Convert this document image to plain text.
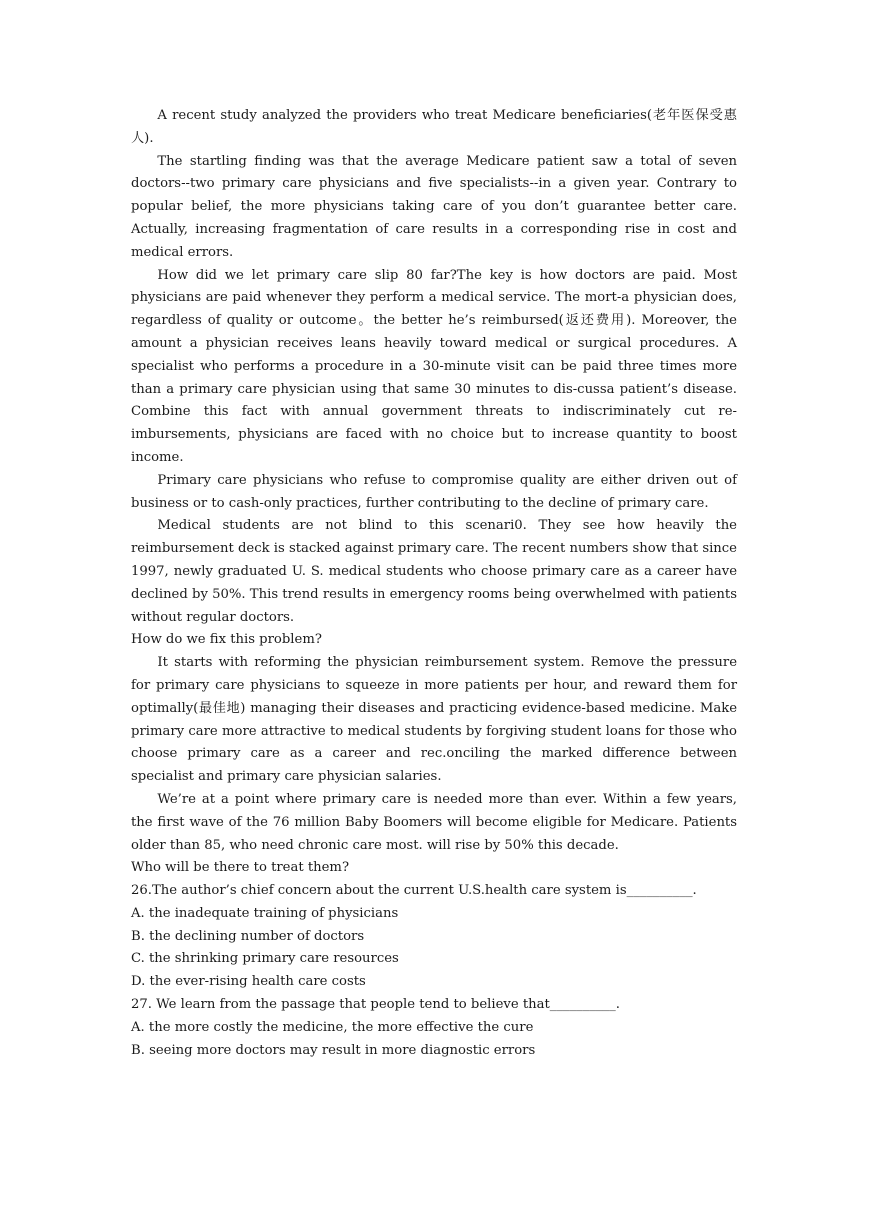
A recent study analyzed the providers who treat Medicare beneficiaries(老年医保受惠人).

The startling finding was that the average Medicare patient saw a total of seven doctors--two primary care physicians and five specialists--in a given year. Contrary to popular belief, the more physicians taking care of you don’t guarantee better care. Actually, increasing fragmentation of care results in a corresponding rise in cost and medical errors.

How did we let primary care slip 80 far?The key is how doctors are paid. Most physicians are paid whenever they perform a medical service. The mort-a physician does, regardless of quality or outcome。the better he’s reimbursed(返还费用). Moreover, the amount a physician receives leans heavily toward medical or surgical procedures. A specialist who performs a procedure in a 30-minute visit can be paid three times more than a primary care physician using that same 30 minutes to dis-cussa patient’s disease. Combine this fact with annual government threats to indiscriminately cut re-imbursements, physicians are faced with no choice but to increase quantity to boost income.

Primary care physicians who refuse to compromise quality are either driven out of business or to cash-only practices, further contributing to the decline of primary care.

Medical students are not blind to this scenari0. They see how heavily the reimbursement deck is stacked against primary care. The recent numbers show that since 1997, newly graduated U. S. medical students who choose primary care as a career have declined by 50%. This trend results in emergency rooms being overwhelmed with patients without regular doctors.

How do we fix this problem?

It starts with reforming the physician reimbursement system. Remove the pressure for primary care physicians to squeeze in more patients per hour, and reward them for optimally(最佳地) managing their diseases and practicing evidence-based medicine. Make primary care more attractive to medical students by forgiving student loans for those who choose primary care as a career and rec.onciling the marked difference between specialist and primary care physician salaries.

We’re at a point where primary care is needed more than ever. Within a few years, the first wave of the 76 million Baby Boomers will become eligible for Medicare. Patients older than 85, who need chronic care most. will rise by 50% this decade.

Who will be there to treat them?

26.The author’s chief concern about the current U.S.health care system is__________.

A. the inadequate training of physicians

B. the declining number of doctors

C. the shrinking primary care resources

D. the ever-rising health care costs

27. We learn from the passage that people tend to believe that__________.

A. the more costly the medicine, the more effective the cure

B. seeing more doctors may result in more diagnostic errors
